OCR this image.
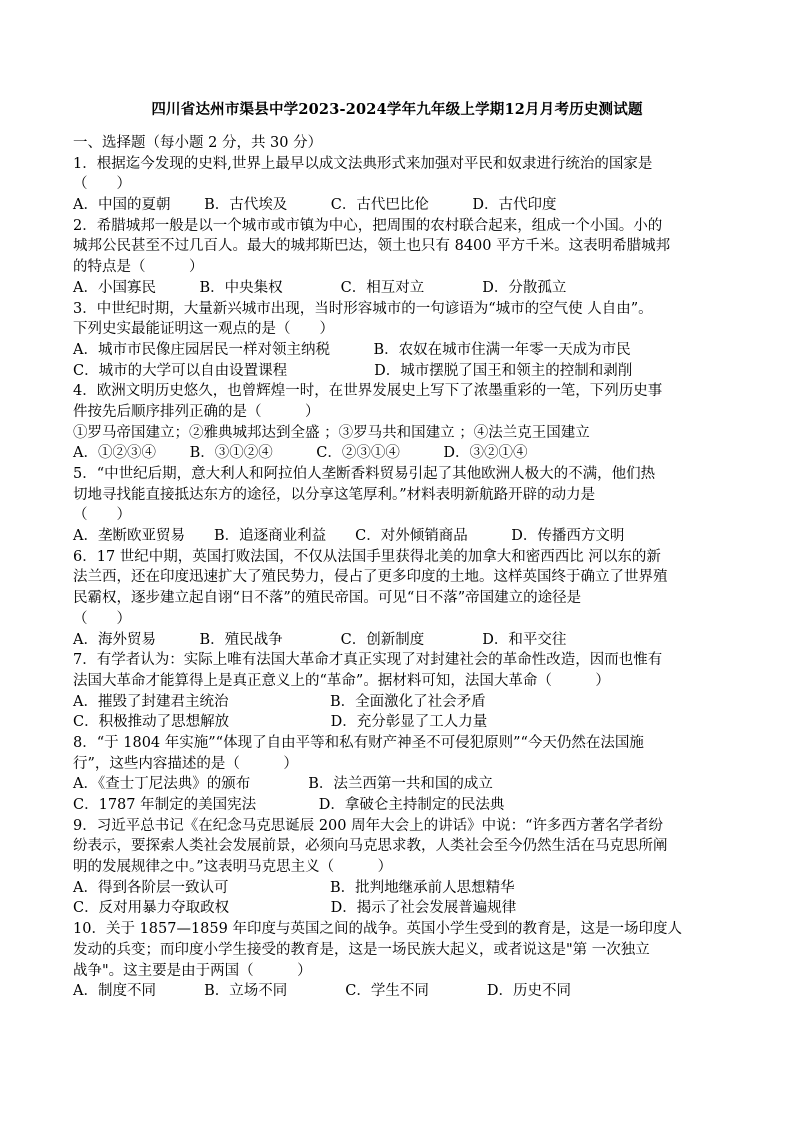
四川省达州市渠县中学2023-2024学年九年级上学期12月月考历史测试题
一、选择题（每小题 2 分，共 30 分）
1．根据迄今发现的史料,世界上最早以成文法典形式来加强对平民和奴隶进行统治的国家是
（　　）
A．中国的夏朝　　 B．古代埃及　　　C．古代巴比伦　　　D．古代印度
2．希腊城邦一般是以一个城市或市镇为中心，把周围的农村联合起来，组成一个小国。小的
城邦公民甚至不过几百人。最大的城邦斯巴达，领土也只有 8400 平方千米。这表明希腊城邦
的特点是（　　　）
A．小国寡民　　　B．中央集权　　　　C．相互对立　　　　D．分散孤立
3．中世纪时期，大量新兴城市出现，当时形容城市的一句谚语为“城市的空气使 人自由”。
下列史实最能证明这一观点的是（　　）
A．城市市民像庄园居民一样对领主纳税　　　B．农奴在城市住满一年零一天成为市民
C．城市的大学可以自由设置课程　　　　　　D．城市摆脱了国王和领主的控制和剥削
4．欧洲文明历史悠久，也曾辉煌一时，在世界发展史上写下了浓墨重彩的一笔，下列历史事
件按先后顺序排列正确的是（　　　）
①罗马帝国建立；②雅典城邦达到全盛 ；③罗马共和国建立 ；④法兰克王国建立
A．①②③④　　 B．③①②④　　　C．②③①④　　　D．③②①④
5．“中世纪后期，意大利人和阿拉伯人垄断香料贸易引起了其他欧洲人极大的不满，他们热
切地寻找能直接抵达东方的途径，以分享这笔厚利。”材料表明新航路开辟的动力是
（　　）
A．垄断欧亚贸易　　B．追逐商业利益　　C．对外倾销商品　　　D．传播西方文明
6．17 世纪中期，英国打败法国，不仅从法国手里获得北美的加拿大和密西西比 河以东的新
法兰西，还在印度迅速扩大了殖民势力，侵占了更多印度的土地。这样英国终于确立了世界殖
民霸权，逐步建立起自诩“日不落”的殖民帝国。可见“日不落”帝国建立的途径是
（　　）
A．海外贸易　　　B．殖民战争　　　　C．创新制度　　　　D．和平交往
7．有学者认为：实际上唯有法国大革命才真正实现了对封建社会的革命性改造，因而也惟有
法国大革命才能算得上是真正意义上的“革命”。据材料可知，法国大革命（　　　）
A．摧毁了封建君主统治　　　　　　　B．全面激化了社会矛盾
C．积极推动了思想解放　　　　　　　D．充分彰显了工人力量
8．“于 1804 年实施”“体现了自由平等和私有财产神圣不可侵犯原则”“今天仍然在法国施
行”，这些内容描述的是（　　　）
A．《查士丁尼法典》的颁布　　　　B．法兰西第一共和国的成立
C．1787 年制定的美国宪法　　　　 D．拿破仑主持制定的民法典
9．习近平总书记《在纪念马克思诞辰 200 周年大会上的讲话》中说：“许多西方著名学者纷
纷表示，要探索人类社会发展前景，必须向马克思求教，人类社会至今仍然生活在马克思所阐
明的发展规律之中。”这表明马克思主义（　　　）
A．得到各阶层一致认可　　　　　　　B．批判地继承前人思想精华
C．反对用暴力夺取政权　　　　　　　D．揭示了社会发展普遍规律
10．关于 1857—1859 年印度与英国之间的战争。英国小学生受到的教育是，这是一场印度人
发动的兵变；而印度小学生接受的教育是，这是一场民族大起义，或者说这是"第 一次独立
战争"。这主要是由于两国（　　　）
A．制度不同　　　 B．立场不同　　　　C．学生不同　　　　D．历史不同
